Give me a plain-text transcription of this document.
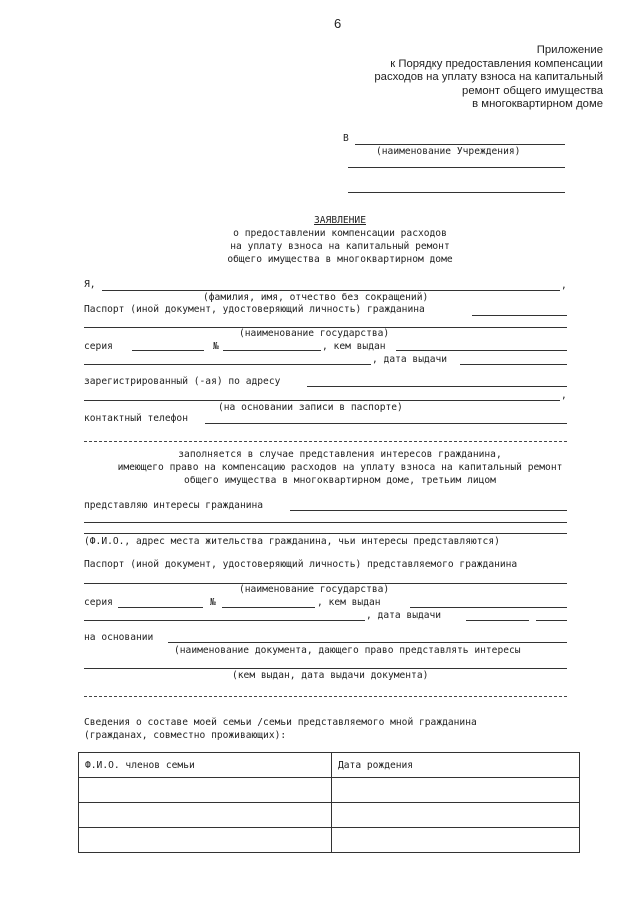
6
Приложение
к Порядку предоставления компенсации
расходов на уплату взноса на капитальный
ремонт общего имущества
в многоквартирном доме
В
(наименование Учреждения)
ЗАЯВЛЕНИЕ
о предоставлении компенсации расходов
на уплату взноса на капитальный ремонт
общего имущества в многоквартирном доме
Я,	,
(фамилия, имя, отчество без сокращений)
Паспорт (иной документ, удостоверяющий личность) гражданина
(наименование государства)
серия	№	, кем выдан
, дата выдачи
зарегистрированный (-ая) по адресу
,
(на основании записи в паспорте)
контактный телефон
заполняется в случае представления интересов гражданина,
имеющего право на компенсацию расходов на уплату взноса на капитальный ремонт
общего имущества в многоквартирном доме, третьим лицом
представляю интересы гражданина
(Ф.И.О., адрес места жительства гражданина, чьи интересы представляются)
Паспорт (иной документ, удостоверяющий личность) представляемого гражданина
(наименование государства)
серия	№	, кем выдан
, дата выдачи
на основании
(наименование документа, дающего право представлять интересы
(кем выдан, дата выдачи документа)
Сведения о составе моей семьи /семьи представляемого мной гражданина
(гражданах, совместно проживающих):
Ф.И.О. членов семьи	Дата рождения
